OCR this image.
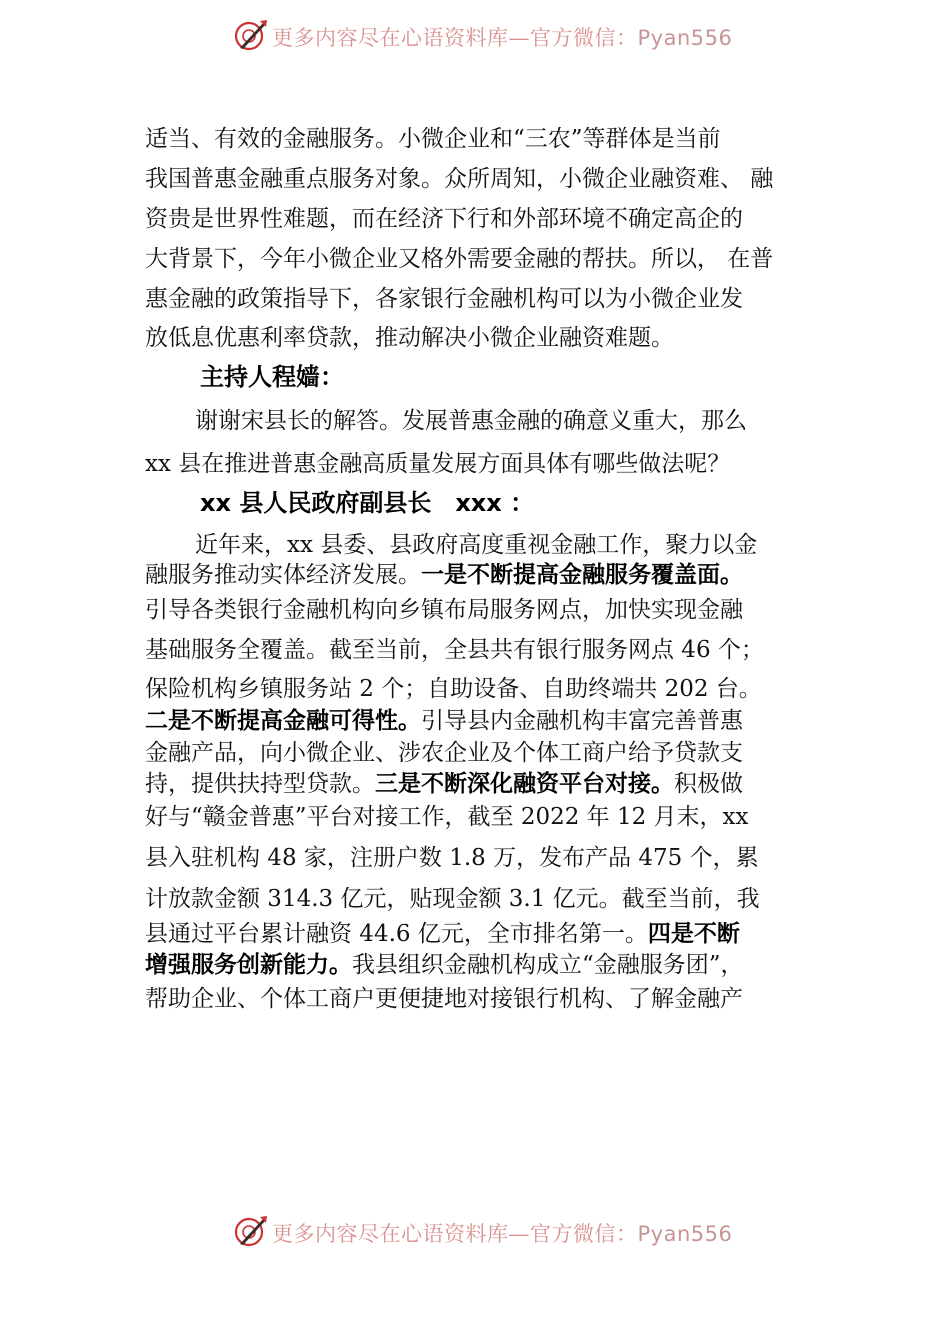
更多内容尽在心语资料库—官方微信：Pyan556
适当、有效的金融服务。小微企业和“三农”等群体是当前
我国普惠金融重点服务对象。众所周知，小微企业融资难、 融
资贵是世界性难题，而在经济下行和外部环境不确定高企的
大背景下，今年小微企业又格外需要金融的帮扶。所以， 在普
惠金融的政策指导下，各家银行金融机构可以为小微企业发
放低息优惠利率贷款，推动解决小微企业融资难题。
主持人程嫱：
谢谢宋县长的解答。发展普惠金融的确意义重大，那么
xx 县在推进普惠金融高质量发展方面具体有哪些做法呢？
xx 县人民政府副县长　xxx ：
近年来，xx 县委、县政府高度重视金融工作，聚力以金
融服务推动实体经济发展。一是不断提高金融服务覆盖面。
引导各类银行金融机构向乡镇布局服务网点，加快实现金融
基础服务全覆盖。截至当前，全县共有银行服务网点 46 个；
保险机构乡镇服务站 2 个；自助设备、自助终端共 202 台。
二是不断提高金融可得性。引导县内金融机构丰富完善普惠
金融产品，向小微企业、涉农企业及个体工商户给予贷款支
持，提供扶持型贷款。三是不断深化融资平台对接。积极做
好与“赣金普惠”平台对接工作，截至 2022 年 12 月末，xx
县入驻机构 48 家，注册户数 1.8 万，发布产品 475 个，累
计放款金额 314.3 亿元，贴现金额 3.1 亿元。截至当前，我
县通过平台累计融资 44.6 亿元，全市排名第一。四是不断
增强服务创新能力。我县组织金融机构成立“金融服务团”，
帮助企业、个体工商户更便捷地对接银行机构、了解金融产
更多内容尽在心语资料库—官方微信：Pyan556
